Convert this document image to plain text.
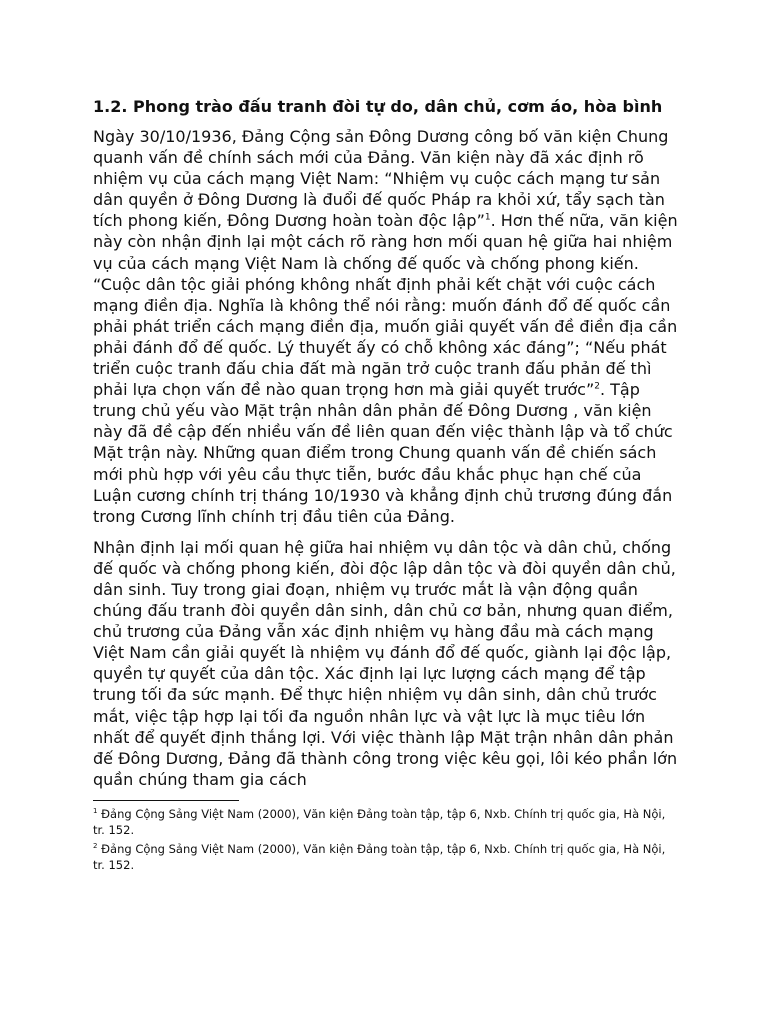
1.2. Phong trào đấu tranh đòi tự do, dân chủ, cơm áo, hòa bình

Ngày 30/10/1936, Đảng Cộng sản Đông Dương công bố văn kiện Chung quanh vấn đề chính sách mới của Đảng. Văn kiện này đã xác định rõ nhiệm vụ của cách mạng Việt Nam: “Nhiệm vụ cuộc cách mạng tư sản dân quyền ở Đông Dương là đuổi đế quốc Pháp ra khỏi xứ, tẩy sạch tàn tích phong kiến, Đông Dương hoàn toàn độc lập”$^1$. Hơn thế nữa, văn kiện này còn nhận định lại một cách rõ ràng hơn mối quan hệ giữa hai nhiệm vụ của cách mạng Việt Nam là chống đế quốc và chống phong kiến. “Cuộc dân tộc giải phóng không nhất định phải kết chặt với cuộc cách mạng điền địa. Nghĩa là không thể nói rằng: muốn đánh đổ đế quốc cần phải phát triển cách mạng điền địa, muốn giải quyết vấn đề điền địa cần phải đánh đổ đế quốc. Lý thuyết ấy có chỗ không xác đáng”; “Nếu phát triển cuộc tranh đấu chia đất mà ngăn trở cuộc tranh đấu phản đế thì phải lựa chọn vấn đề nào quan trọng hơn mà giải quyết trước”$^2$. Tập trung chủ yếu vào Mặt trận nhân dân phản đế Đông Dương , văn kiện này đã đề cập đến nhiều vấn đề liên quan đến việc thành lập và tổ chức Mặt trận này. Những quan điểm trong Chung quanh vấn đề chiến sách mới phù hợp với yêu cầu thực tiễn, bước đầu khắc phục hạn chế của Luận cương chính trị tháng 10/1930 và khẳng định chủ trương đúng đắn trong Cương lĩnh chính trị đầu tiên của Đảng.

Nhận định lại mối quan hệ giữa hai nhiệm vụ dân tộc và dân chủ, chống đế quốc và chống phong kiến, đòi độc lập dân tộc và đòi quyền dân chủ, dân sinh. Tuy trong giai đoạn, nhiệm vụ trước mắt là vận động quần chúng đấu tranh đòi quyền dân sinh, dân chủ cơ bản, nhưng quan điểm, chủ trương của Đảng vẫn xác định nhiệm vụ hàng đầu mà cách mạng Việt Nam cần giải quyết là nhiệm vụ đánh đổ đế quốc, giành lại độc lập, quyền tự quyết của dân tộc. Xác định lại lực lượng cách mạng để tập trung tối đa sức mạnh. Để thực hiện nhiệm vụ dân sinh, dân chủ trước mắt, việc tập hợp lại tối đa nguồn nhân lực và vật lực là mục tiêu lớn nhất để quyết định thắng lợi. Với việc thành lập Mặt trận nhân dân phản đế Đông Dương, Đảng đã thành công trong việc kêu gọi, lôi kéo phần lớn quần chúng tham gia cách

$^1$ Đảng Cộng Sảng Việt Nam (2000), Văn kiện Đảng toàn tập, tập 6, Nxb. Chính trị quốc gia, Hà Nội, tr. 152.
$^2$ Đảng Cộng Sảng Việt Nam (2000), Văn kiện Đảng toàn tập, tập 6, Nxb. Chính trị quốc gia, Hà Nội, tr. 152.
